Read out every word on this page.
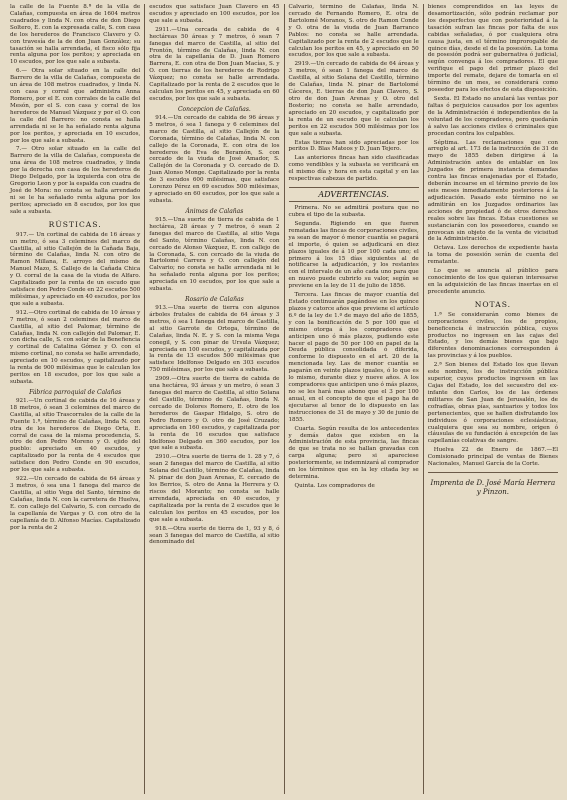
la calle de la Fuente 8.ª de la villa de Calañas, compuesta en área de 1604 metros cuadrados y linda N. con otra de don Diego Soltero, E. con la expresada calle, S. con casa de los herederos de Francisco Clavero y O. con travesía de la de don Juan González; su tasación se halla arrendada, el fisco sólo fija renta alguna por los peritos; y apreciada en 10 escudos, por los que sale a subasta.

6.— Otra solar situado en la calle del Barrero de la villa de Calañas, compuesta de un área de 108 metros cuadrados, y linda N. con casa y corral que administra Anna Romero, por el E. con corrales de la calle del Mesón, por el S. con casa y corral de los herederos de Manuel Vázquez y por el O. con la calle del Barrero: no consta se halla arrendada ni se le ha señalado renta alguna por los peritos, y apreciada en 10 escudos, por los que sale a subasta.

7.— Otro solar situado en la calle del Barrero de la villa de Calañas, compuesta de una área de 108 metros cuadrados, y linda por la derecha con casa de los herederos de Diego Delgado, por la izquierda con otra de Gregorio Leon y por la espalda con cuadra de José de Mora: no consta se halla arrendado ni se le ha señalado renta alguna por los peritos; apreciado en 8 escudos, por los que sale a subasta.

RÚSTICAS.

917.— Un cortinal de cabida de 16 áreas y un metro, ó sea 3 celemines del marco de Castilla, al sitio Callejón de la Cañada Baja, término de Calañas, linda N. con otro de Ramon Millana, E. arroyo del mismo de Manuel Mazo, S. Callejo de la Cañada Chica y O. corral de la casa de la viuda de Alfaro. Capitalizado por la renta de un escudo que satisface don Pedro Conde en 22 escudos 500 milésimas, y apreciado en 40 escudos, por los que sale a subasta.

912.—Otro cortinal de cabida de 10 áreas y 7 metros, ó sean 2 celemines del marco de Castilla, al sitio del Palomar, término de Calañas, linda N. con callejón del Palomar, E. con dicha calle, S. con solar de la Benefiencia y cortinal de Catalina Gómez y O. con el mismo cortinal, no consta se halle arrendado, apreciado en 10 escudos, y capitalizado por la renta de 900 milésimas que le calculan los peritos en 18 escudos, por los que sale a subasta.

Fábrica parroquial de Calañas

921.—Un cortinal de cabida de 16 áreas y 18 metros, ó sean 3 celemines del marco de Castilla, al sitio Trascorrales de la calle de la Fuente 1.ª, término de Calañas, linda N. con otra de los herederos de Diego Orta, E. corral de casa de la misma procedencia, S. otro de don Pedro Moreno y O. ejido del pueblo: apreciado en 40 escudos, y capitalizado por la renta de 4 escudos que satisface don Pedro Conde en 90 escudos, por los que sale a subasta.

922.—Un cercado de cabida de 64 áreas y 3 metros, ó sea una 1 fanega del marco de Castilla, al sitio Vega del Santo, término de Calañas, linda N. con la carretera de Huelva, E. con callejo del Calvario, S. con cercado de la capellanía de Vargas y O. con otro de la capellanía de D. Alfonso Macías. Capitalizado por la renta de 2

escudos que satisface Juan Clavero en 45 escudos y apreciado en 100 escudos, por los que sale a subasta.

2911.—Una cercada de cabida de 4 hectáreas 50 áreas y 7 metros, ó sean 7 fanegas del marco de Castilla, al sitio del Frontón, término de Calañas, linda N. con otra de la capellanía de D. Juan Romero Barrera, E. con otra de Don Juan Macías, S. y O. con tierras de los herederos de Rodrigo Vázquez; no consta se halle arrendada. Capitalizado por la renta de 2 escudos que le calculan los peritos en 45, y apreciada en 60 escudos, por los que sale a subasta.

Concepcion de Calañas.

914.—Un cercado de cabida de 96 áreas y 5 metros, ó sea 1 fanega y 6 celemines del marco de Castilla, al sitio Callejón de la Coronada, término de Calañas, linda N. con callejo de la Coronada, E. con otra de los herederos de Eva de Beramón, S. con cercado de la viuda de José Amador, S. Callejón de la Coronada y O. cercado de D. Juan Alonso Monge. Capitalizado por la renta de 3 escudos 600 milésimas, que satisface Lorenzo Pérez en 69 escudos 500 milésimas, y apreciado en 60 escudos, por los que sale a subasta.

Ánimas de Calañas

915.—Una suerte de tierra de cabida de 1 hectárea, 28 áreas y 7 metros, ó sean 2 fanegas del marco de Castilla, al sitio Vega del Santo, término Calañas, linda N. con cercado de Alonso Vázquez, E. con callejo de la Coronada, S. con cercado de la viuda de Bartolomé Carrera y O. con callejón del Calvario; no consta se halle arrendada ni le ha señalado renta alguna por los peritos; apreciada en 10 escudos, por los que sale a subasta.

Rosario de Calañas

913.—Una suerte de tierra con algunos árboles frutales de cabida de 64 áreas y 3 metros, ó sea 1 fanega del marco de Castilla, al sitio Garrote de Ortega, término de Calañas, linda N. E. y S. con la misma Vega conegil, y S. con pinar de Ursula Vázquez; apreciada en 100 escudos, y capitalizada por la renta de 13 escudos 500 milésimas que satisface Idelfonso Delgado en 303 escudos 750 milésimas, por los que sale a subasta.

2909.—Otra suerte de tierra de cabida de una hectárea, 93 áreas y un metro, ó sean 3 fanegas del marco de Castilla, al sitio Solana del Castillo, término de Calañas, linda N. cercado de Dolores Romero, E. otro de los herederos de Gaspar Hidalgo, S. otro de Pedro Romero y O. otro de José Cruzado; apreciada en 160 escudos, y capitalizada por la renta de 16 escudos que satisface Idelfonso Delgado en 360 escudos, por los que sale a subasta.

2910.—Otra suerte de tierra de 1. 28 y 7, ó sean 2 fanegas del marco de Castilla, al sitio Solana del Castillo, término de Calañas, linda N. pinar de don Juan Arenas, E. cercado de los Berrios, S. otro de Anna la Herrera y O. riscos del Moranto; no consta se halle arrendada, apreciada en 40 escudos, y capitalizada por la renta de 2 escudos que le calculan los peritos en 45 escudos, por los que sale a subasta.

918.—Otra suerte de tierra de 1, 93 y 8, ó sean 3 fanegas del marco de Castilla, al sitio denominado del

Calvario, término de Calañas, linda N. cercado de Fernando Romero, E. otra de Bartolomé Moranos, S. otro de Ramon Conde y O. otra de la viuda de Juan Barranco Pablos: no consta se halle arrendada. Capitalizado por la renta de 2 escudos que le calculan los peritos en 45, y apreciado en 50 escudos, por los que sale a subasta.

2919.—Un cercado de cabida de 64 áreas y 3 metros, ó sean 1 fanega del marco de Castilla, al sitio Solana del Castillo, término de Calañas, linda N. pinar de Bartolomé Cáceres, E. tierras de don Juan Clavero, S. otro de don Juan Arenas y O. otro del Bosterio; no consta se halle arrendado, apreciado en 20 escudos, y capitalizado por la renta de un escudo que le calculan los peritos en 22 escudos 500 milésimas por los que sale a subasta.

Estas tierras han sido apreciadas por los peritos D. Blas Mateos y D. Juan Tejero.

Las anteriores fincas han sido clasificadas como vendibles y la subasta se verificará en el mismo día y hora en esta capital y en las respectivas cabezas de partido.

ADVERTENCIAS.

Primera. No se admitirá postura que no cubra el tipo de la subasta.

Segunda. Rigiendo en que fueren rematadas las fincas de corporaciones civiles, ya sean de mayor ó menor cuantía se pagará el importe, ó quien se adjudicará en diez plazos iguales de á 10 por 100 cada uno; el primero á los 15 días siguientes al de notificarse la adjudicación, y los restantes con el intervalo de un año cada uno para que en nuevo puede cubrirlo su valor, según se previene en la ley de 11 de julio de 1856.

Tercera. Las fincas de mayor cuantía del Estado continuarán pagándose en los quince plazos y catorce años que previene el artículo 6.º de la ley de 1.º de mayo del año de 1855, y con la bonificación de 5 por 100 que el mismo otorga á los compradores que anticipen uno ó más plazos, pudiendo este hacer el pago de 50 por 100 en papel de la Deuda pública consolidada ó diferida, conforme lo dispuesto en el art. 20 de la mencionada ley. Las de menor cuantía se pagarán en veinte plazos iguales, ó lo que es lo mismo, durante diez y nueve años. A los compradores que anticipen uno ó más plazos, no se les hará mas abono que el 3 por 100 anual, en el concepto de que el pago ha de ejecutarse al tenor de lo dispuesto en las instrucciones de 31 de mayo y 30 de junio de 1855.

Cuarta. Según resulta de los antecedentes y demás datos que existen en la Administración de esta provincia, las fincas de que se trata no se hallan gravadas con carga alguna; pero si apareciese posteriormente, se indemnizará al comprador en los términos que en la ley citada ley se determina.

Quinta. Los compradores de

bienes comprendidos en las leyes de desamortización, sólo podrán reclamar por los desperfectos que con posterioridad á la tasación sufran las fincas por falta de sus cabidas señaladas, ó por cualquiera otra causa justa, en el término improrogable de quince días, desde el de la posesión. La toma de posesión podrá ser gubernativa ó judicial, según convenga á los compradores. El que verifique el pago del primer plazo del importe del remate, dejare de tomarla en el término de un mes, se considerará como poseedor para los efectos de esta disposición.

Sexta. El Estado no anulará las ventas por faltas ó perjuicios causados por los agentes de la Administración é independientes de la voluntad de los compradores, pero quedarán á salvo las acciones civiles ó criminales que procedan contra los culpables.

Séptima. Las reclamaciones que con arreglo al art. 173 de la instrucción de 31 de mayo de 1855 deben dirigirse á la Administración antes de entablar en los Juzgados de primera instancia demandas contra las fincas enajenadas por el Estado, deberán incoarse en el término previo de los seis meses inmediatamente posteriores á la adjudicación. Pasado este término no se admitirán en los Juzgados ordinarios las acciones de propiedad ó de otros derechos reales sobre las fincas. Estas cuestiones se sustanciarán con los poseedores, cuando se provocan sin objeto de la venta de vicisitud de la Administración.

Octava. Los derechos de expediente hasta la toma de posesión serán de cuenta del rematante.

Lo que se anuncia al público para conocimiento de los que quieran interesarse en la adquisición de las fincas insertas en el precedente anuncio.

NOTAS.

1.ª Se considerarán como bienes de corporaciones civiles, los de propios, beneficencia é instrucción pública, cuyos productos no ingresen en las cajas del Estado, y los demás bienes que bajo diferentes denominaciones corresponden á las provincias y á los pueblos.

2.ª Son bienes del Estado los que llevan este nombre, los de instrucción pública superior, cuyos productos ingresen en las Cajas del Estado, los del secuestro del ex-infante don Carlos, los de las órdenes militares de San Juan de Jerusalén, los de cofradías, obras pías, santuarios y todos los pertenecientes, que se hallen disfrutando los individuos ó corporaciones eclesiásticas, cualquiera que sea su nombre, origen ó cláusulas de su fundación á excepción de las capellanías colativas de sangre.

Huelva 22 de Enero de 1867.—El Comisionado principal de ventas de Bienes Nacionales, Manuel García de la Corte.

Imprenta de D. José María Herrera y Pinzon.
